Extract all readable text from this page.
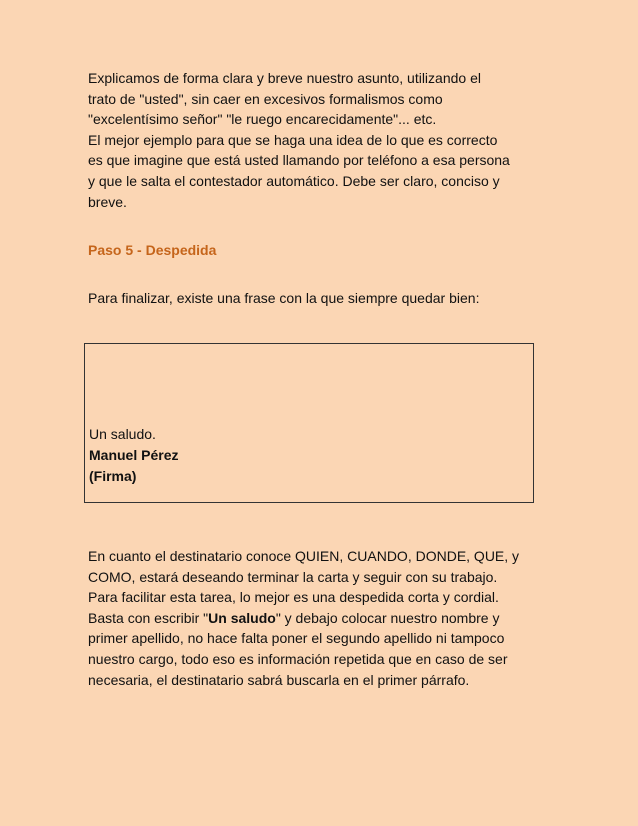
Explicamos de forma clara y breve nuestro asunto, utilizando el
trato de "usted", sin caer en excesivos formalismos como
"excelentísimo señor" "le ruego encarecidamente"... etc.
El mejor ejemplo para que se haga una idea de lo que es correcto
es que imagine que está usted llamando por teléfono a esa persona
y que le salta el contestador automático. Debe ser claro, conciso y
breve.

Paso 5 - Despedida

Para finalizar, existe una frase con la que siempre quedar bien:

Un saludo.
Manuel Pérez
(Firma)

En cuanto el destinatario conoce QUIEN, CUANDO, DONDE, QUE, y
COMO, estará deseando terminar la carta y seguir con su trabajo.
Para facilitar esta tarea, lo mejor es una despedida corta y cordial.
Basta con escribir "Un saludo" y debajo colocar nuestro nombre y
primer apellido, no hace falta poner el segundo apellido ni tampoco
nuestro cargo, todo eso es información repetida que en caso de ser
necesaria, el destinatario sabrá buscarla en el primer párrafo.
